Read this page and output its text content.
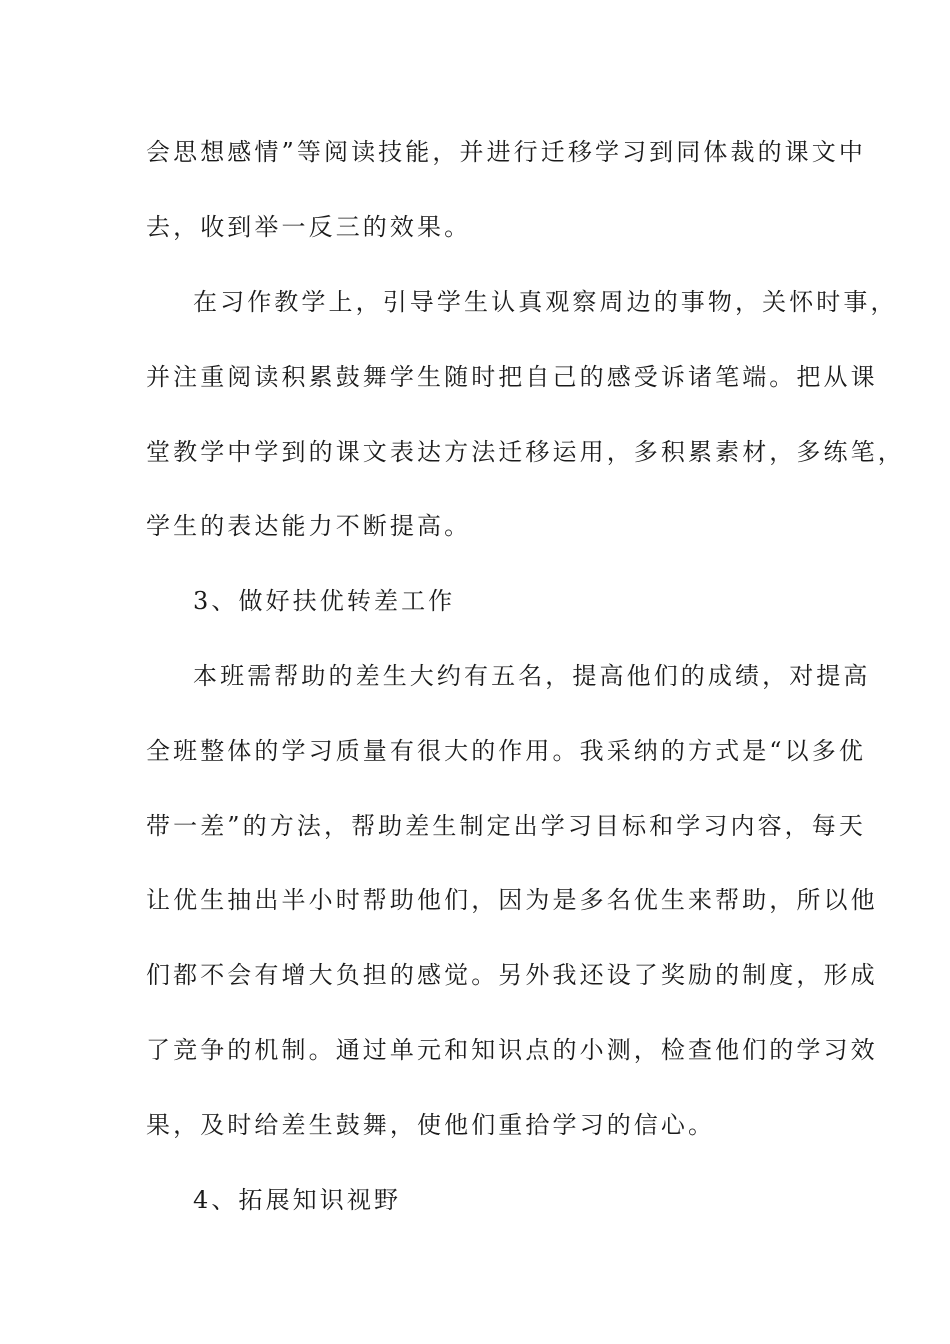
会思想感情”等阅读技能，并进行迁移学习到同体裁的课文中
去，收到举一反三的效果。
在习作教学上，引导学生认真观察周边的事物，关怀时事，
并注重阅读积累鼓舞学生随时把自己的感受诉诸笔端。把从课
堂教学中学到的课文表达方法迁移运用，多积累素材，多练笔，
学生的表达能力不断提高。
3、做好扶优转差工作
本班需帮助的差生大约有五名，提高他们的成绩，对提高
全班整体的学习质量有很大的作用。我采纳的方式是“以多优
带一差”的方法，帮助差生制定出学习目标和学习内容，每天
让优生抽出半小时帮助他们，因为是多名优生来帮助，所以他
们都不会有增大负担的感觉。另外我还设了奖励的制度，形成
了竞争的机制。通过单元和知识点的小测，检查他们的学习效
果，及时给差生鼓舞，使他们重拾学习的信心。
4、拓展知识视野
